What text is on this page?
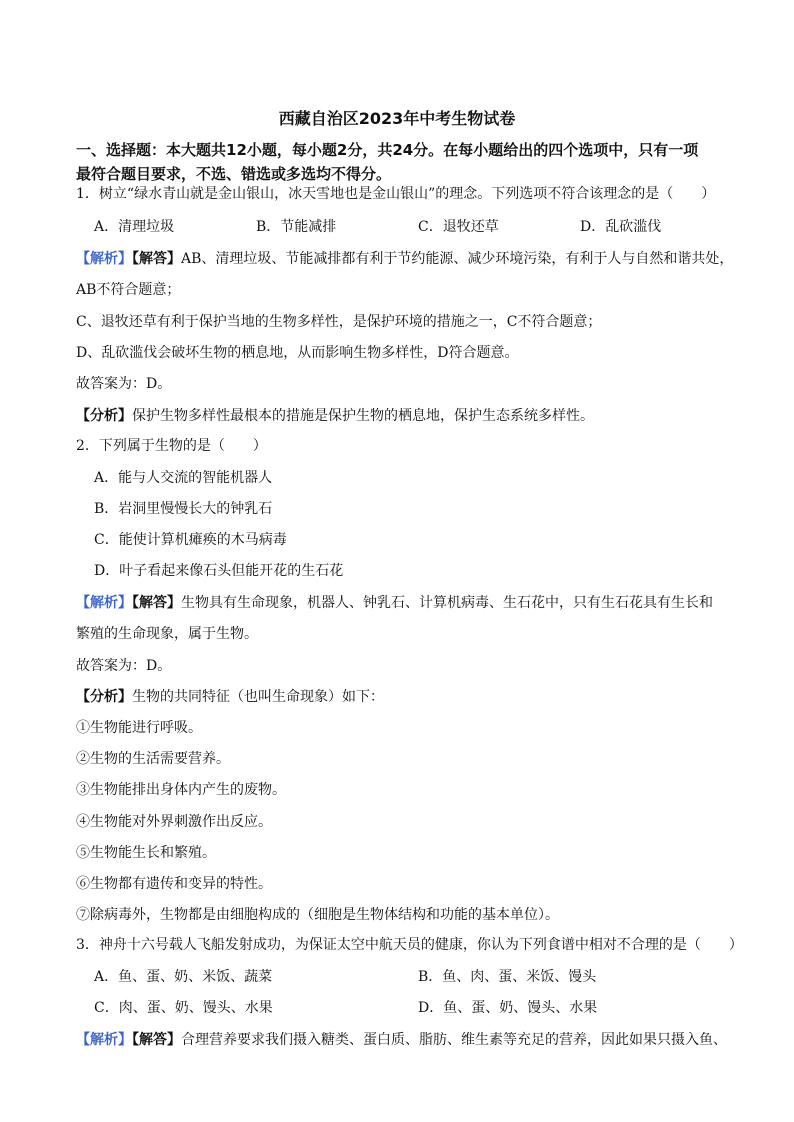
西藏自治区2023年中考生物试卷
一、选择题：本大题共12小题，每小题2分，共24分。在每小题给出的四个选项中，只有一项
最符合题目要求，不选、错选或多选均不得分。
1．树立“绿水青山就是金山银山，冰天雪地也是金山银山”的理念。下列选项不符合该理念的是（　　）
A．清理垃圾	B．节能减排	C．退牧还草	D．乱砍滥伐
【解析】【解答】AB、清理垃圾、节能减排都有利于节约能源、减少环境污染，有利于人与自然和谐共处，
AB不符合题意；
C、退牧还草有利于保护当地的生物多样性，是保护环境的措施之一，C不符合题意；
D、乱砍滥伐会破坏生物的栖息地，从而影响生物多样性，D符合题意。
故答案为：D。
【分析】保护生物多样性最根本的措施是保护生物的栖息地，保护生态系统多样性。
2．下列属于生物的是（　　）
A．能与人交流的智能机器人
B．岩洞里慢慢长大的钟乳石
C．能使计算机瘫痪的木马病毒
D．叶子看起来像石头但能开花的生石花
【解析】【解答】生物具有生命现象，机器人、钟乳石、计算机病毒、生石花中，只有生石花具有生长和
繁殖的生命现象，属于生物。
故答案为：D。
【分析】生物的共同特征（也叫生命现象）如下：
①生物能进行呼吸。
②生物的生活需要营养。
③生物能排出身体内产生的废物。
④生物能对外界刺激作出反应。
⑤生物能生长和繁殖。
⑥生物都有遗传和变异的特性。
⑦除病毒外，生物都是由细胞构成的（细胞是生物体结构和功能的基本单位）。
3．神舟十六号载人飞船发射成功，为保证太空中航天员的健康，你认为下列食谱中相对不合理的是（　　）
A．鱼、蛋、奶、米饭、蔬菜	B．鱼、肉、蛋、米饭、馒头
C．肉、蛋、奶、馒头、水果	D．鱼、蛋、奶、馒头、水果
【解析】【解答】合理营养要求我们摄入糖类、蛋白质、脂肪、维生素等充足的营养，因此如果只摄入鱼、
